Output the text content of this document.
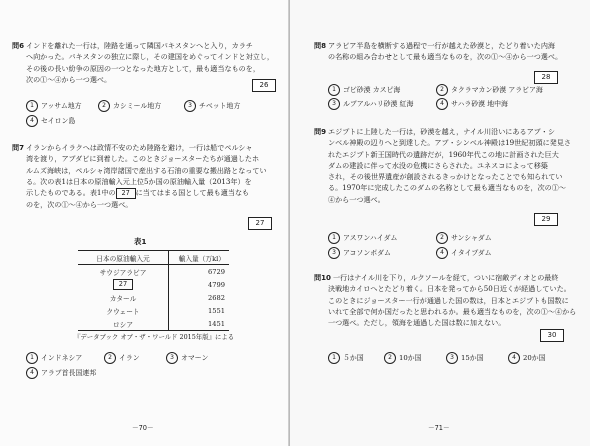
問6 インドを離れた一行は，陸路を通って隣国パキスタンへと入り，カラチ
へ向かった。パキスタンの独立に際し，その建国をめぐってインドと対立し，
その後の長い紛争の原因の一つとなった地方として，最も適当なものを，
次の①～④から一つ選べ。
26
1 アッサム地方	2 カシミール地方	3 チベット地方
4 セイロン島
問7 イランからイラクへは政情不安のため陸路を避け，一行は船でペルシャ
湾を渡り，アブダビに到着した。このときジョースターたちが通過したホ
ルムズ海峡は，ペルシャ湾岸諸国で産出する石油の重要な搬出路となってい
る。次の表1は日本の原油輸入元上位5か国の原油輸入量（2013年）を
示したものである。表1中の 27 に当てはまる国として最も適当なも
のを，次の①～④から一つ選べ。
27
表1
日本の原油輸入元	輸入量（万kl）
サウジアラビア	6729
27	4799
カタール	2682
クウェート	1551
ロシア	1451
『データブック オブ・ザ・ワールド 2015年版』による
1 インドネシア	2 イラン	3 オマーン
4 アラブ首長国連邦
－70－
問8 アラビア半島を横断する過程で一行が越えた砂漠と，たどり着いた内海
の名称の組み合わせとして最も適当なものを，次の①～④から一つ選べ。
28
1 ゴビ砂漠 カスピ海	2 タクラマカン砂漠 アラビア海
3 ルブアルハリ砂漠 紅海	4 サハラ砂漠 地中海
問9 エジプトに上陸した一行は，砂漠を越え，ナイル川沿いにあるアブ・シ
ンベル神殿の辺りへと到達した。アブ・シンベル神殿は19世紀初頭に発見さ
れたエジプト新王国時代の遺跡だが，1960年代この地に計画された巨大
ダムの建設に伴って水没の危機にさらされた。ユネスコによって移築
され，その後世界遺産が創設されるきっかけとなったことでも知られてい
る。1970年に完成したこのダムの名称として最も適当なものを，次の①～
④から一つ選べ。
29
1 アスワンハイダム	2 サンシャダム
3 アコソンボダム	4 イタイプダム
問10 一行はナイル川を下り，ルクソールを経て，ついに宿敵ディオとの最終
決戦地カイロへとたどり着く。日本を発ってから50日近くが経過していた。
このときにジョースター一行が通過した国の数は，日本とエジプトも国数に
いれて全部で何か国だったと思われるか。最も適当なものを，次の①～④から
一つ選べ。ただし，領海を通過した国は数に加えない。
30
1 ５か国	2 10か国	3 15か国	4 20か国
－71－
